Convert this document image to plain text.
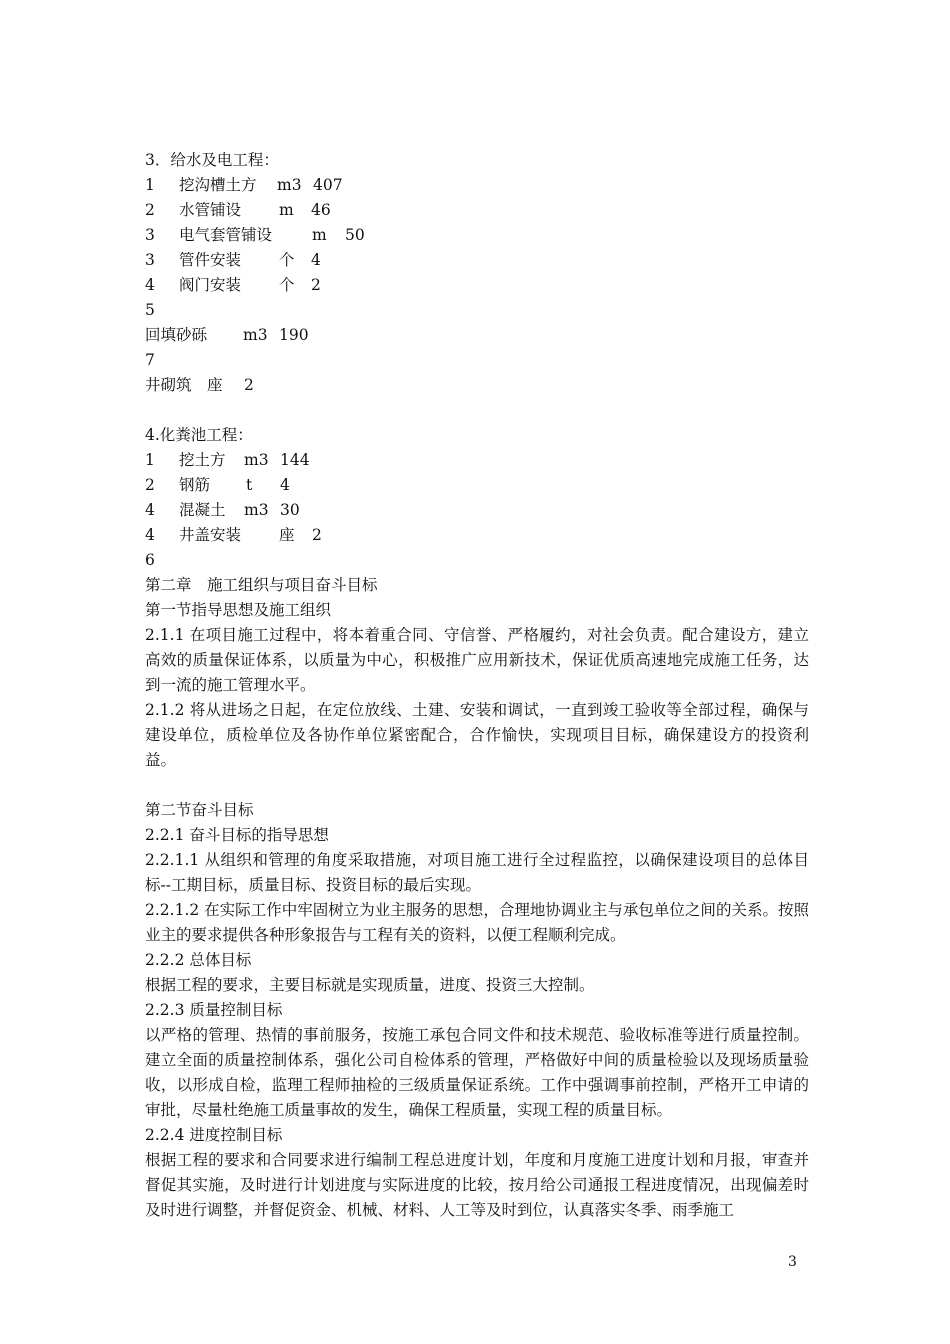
3．给水及电工程：
1 挖沟槽土方 m3 407
2 水管铺设 m 46
3 电气套管铺设	m 50
3 管件安装 个 4
4 阀门安装 个 2
5
回填砂砾 m3 190
7
井砌筑 座 2
4.化粪池工程：
1 挖土方 m3 144
2 钢筋 t 4
4 混凝土 m3 30
4 井盖安装 座 2
6
第二章　施工组织与项目奋斗目标
第一节指导思想及施工组织
2.1.1 在项目施工过程中，将本着重合同、守信誉、严格履约，对社会负责。配合建设方，建立高效的质量保证体系，以质量为中心，积极推广应用新技术，保证优质高速地完成施工任务，达到一流的施工管理水平。
2.1.2 将从进场之日起，在定位放线、土建、安装和调试，一直到竣工验收等全部过程，确保与建设单位，质检单位及各协作单位紧密配合，合作愉快，实现项目目标，确保建设方的投资利益。
第二节奋斗目标
2.2.1 奋斗目标的指导思想
2.2.1.1 从组织和管理的角度采取措施，对项目施工进行全过程监控，以确保建设项目的总体目标--工期目标，质量目标、投资目标的最后实现。
2.2.1.2 在实际工作中牢固树立为业主服务的思想，合理地协调业主与承包单位之间的关系。按照业主的要求提供各种形象报告与工程有关的资料，以便工程顺利完成。
2.2.2 总体目标
根据工程的要求，主要目标就是实现质量，进度、投资三大控制。
2.2.3 质量控制目标
以严格的管理、热情的事前服务，按施工承包合同文件和技术规范、验收标准等进行质量控制。建立全面的质量控制体系，强化公司自检体系的管理，严格做好中间的质量检验以及现场质量验收，以形成自检，监理工程师抽检的三级质量保证系统。工作中强调事前控制，严格开工申请的审批，尽量杜绝施工质量事故的发生，确保工程质量，实现工程的质量目标。
2.2.4 进度控制目标
根据工程的要求和合同要求进行编制工程总进度计划，年度和月度施工进度计划和月报，审查并督促其实施，及时进行计划进度与实际进度的比较，按月给公司通报工程进度情况，出现偏差时及时进行调整，并督促资金、机械、材料、人工等及时到位，认真落实冬季、雨季施工
3
